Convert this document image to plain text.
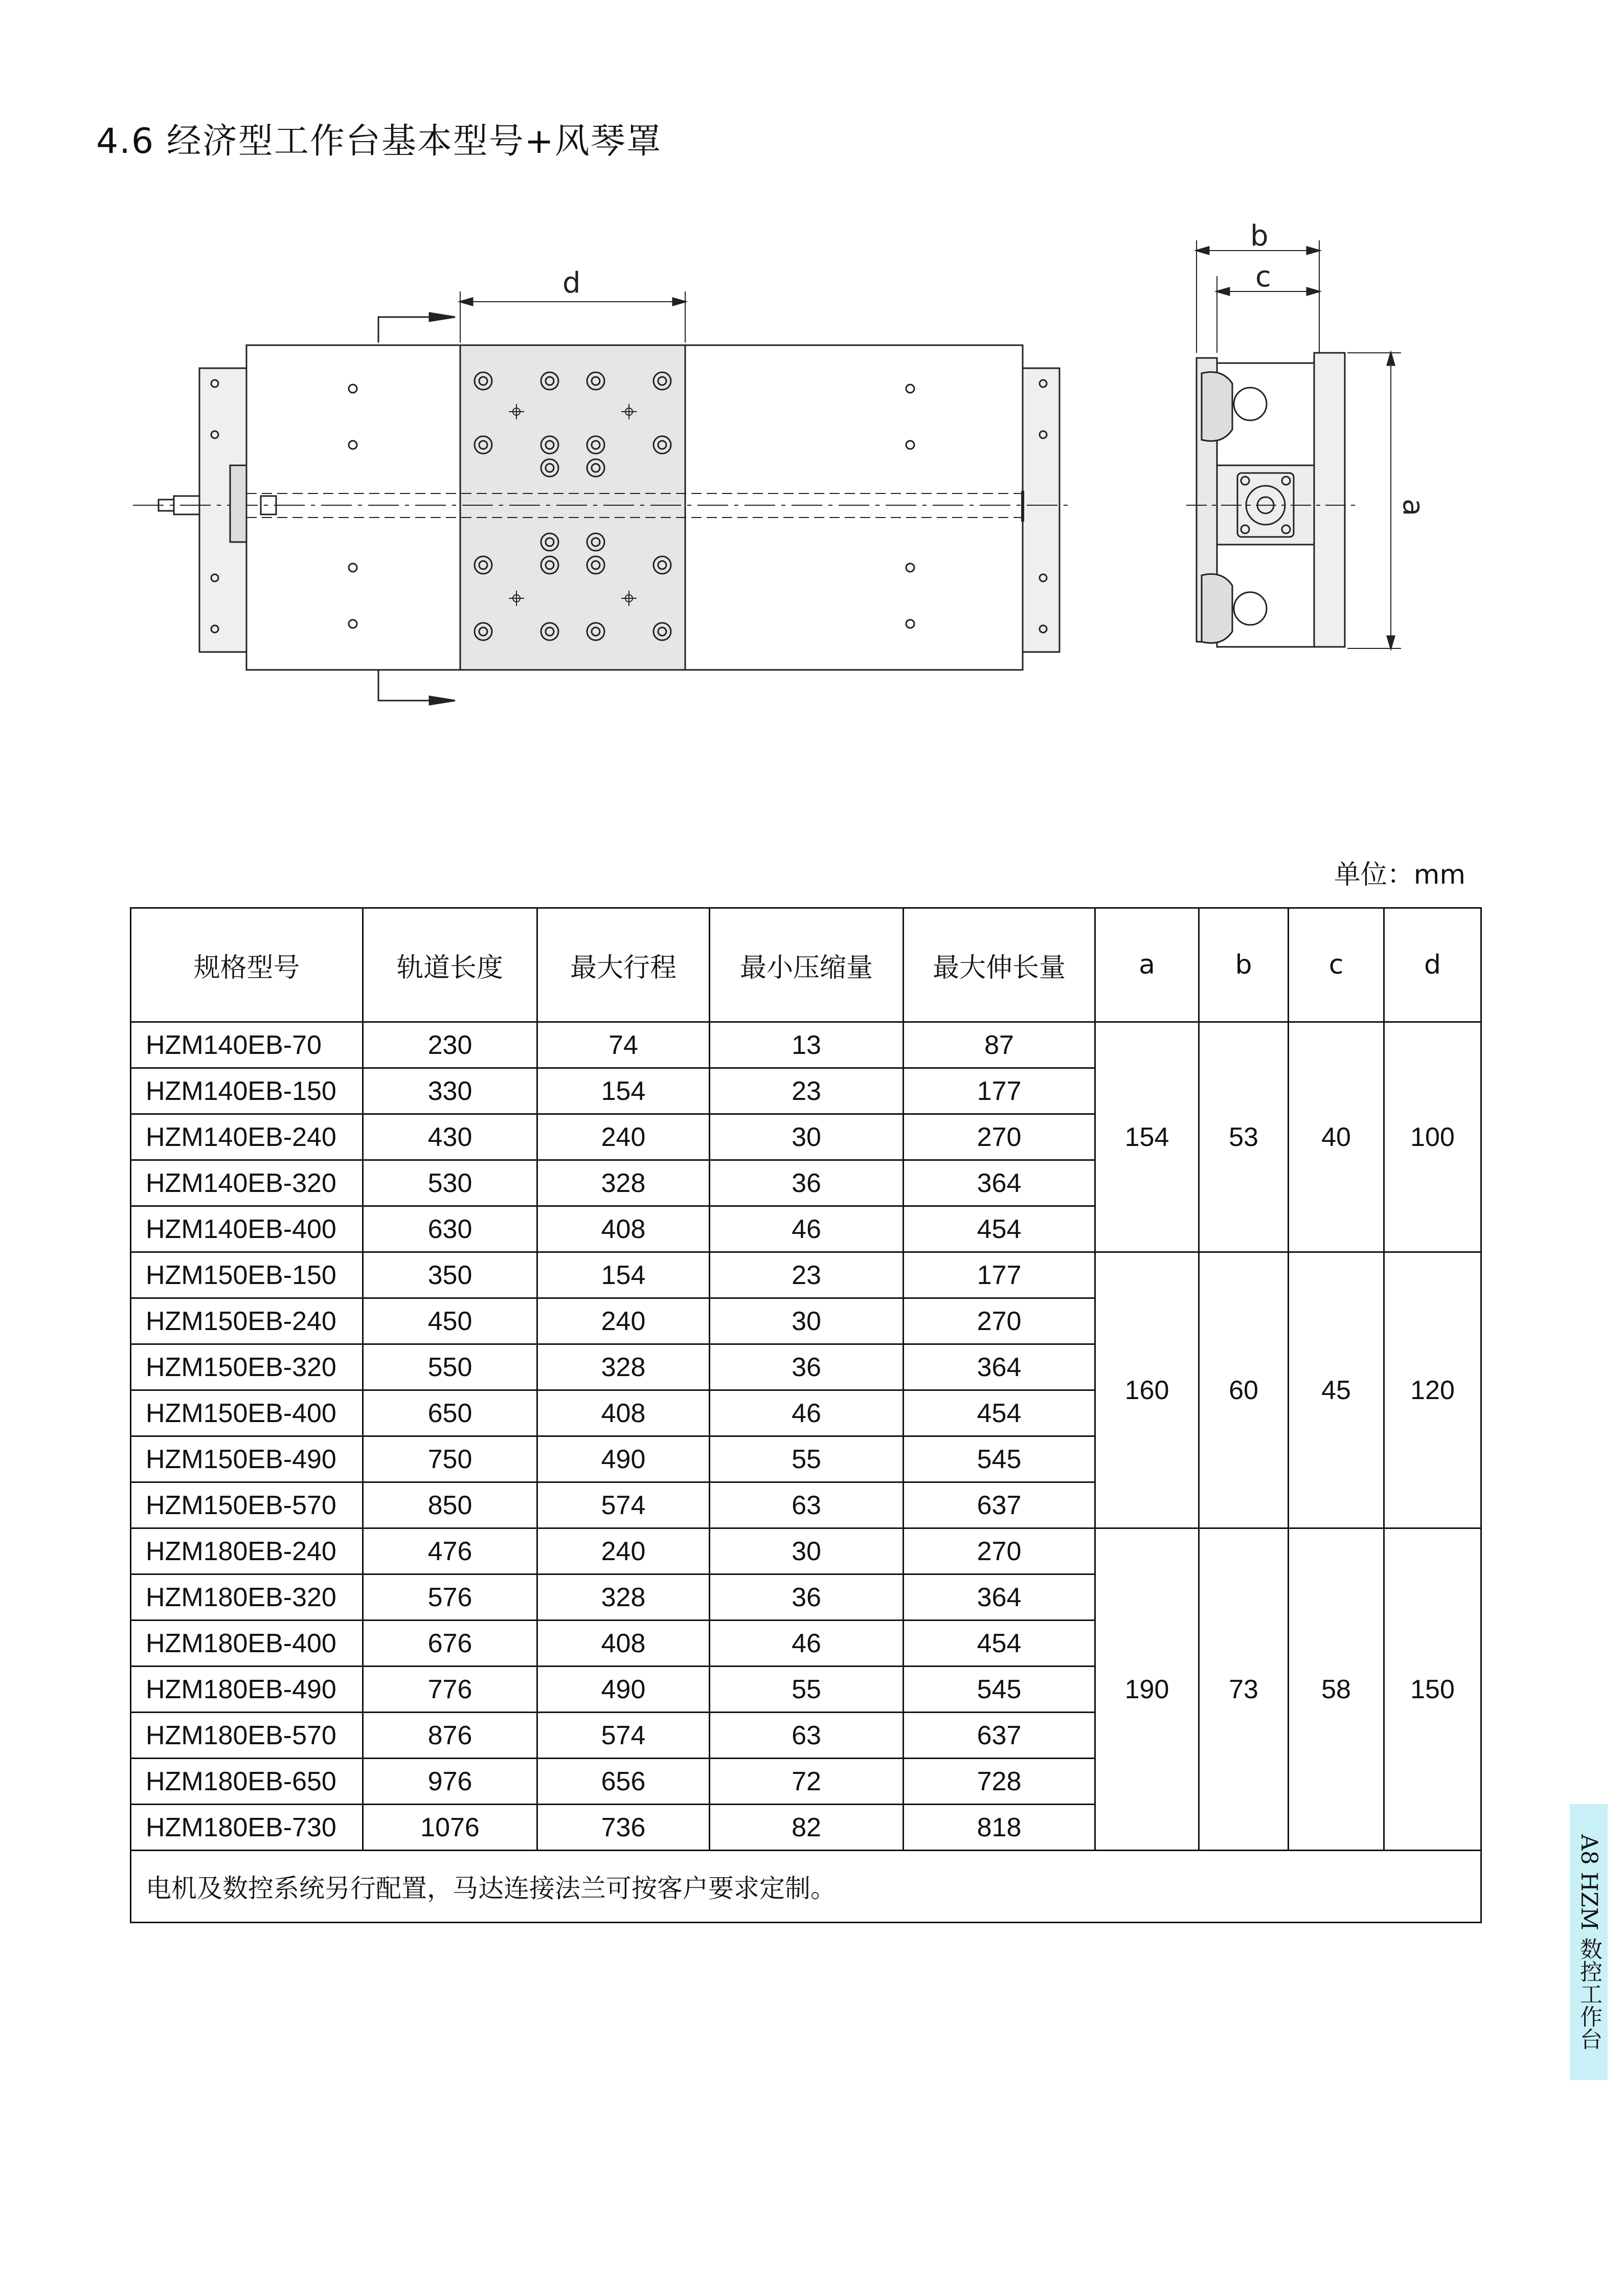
4.6 经济型工作台基本型号+风琴罩
d
b
c
a
单位：mm
规格型号	轨道长度	最大行程	最小压缩量	最大伸长量	a	b	c	d
HZM140EB-70	230	74	13	87	154	53	40	100
HZM140EB-150	330	154	23	177				
HZM140EB-240	430	240	30	270				
HZM140EB-320	530	328	36	364				
HZM140EB-400	630	408	46	454				
HZM150EB-150	350	154	23	177	160	60	45	120
HZM150EB-240	450	240	30	270				
HZM150EB-320	550	328	36	364				
HZM150EB-400	650	408	46	454				
HZM150EB-490	750	490	55	545				
HZM150EB-570	850	574	63	637				
HZM180EB-240	476	240	30	270	190	73	58	150
HZM180EB-320	576	328	36	364				
HZM180EB-400	676	408	46	454				
HZM180EB-490	776	490	55	545				
HZM180EB-570	876	574	63	637				
HZM180EB-650	976	656	72	728				
HZM180EB-730	1076	736	82	818				
电机及数控系统另行配置，马达连接法兰可按客户要求定制。									A8 HZM 数控工作台
